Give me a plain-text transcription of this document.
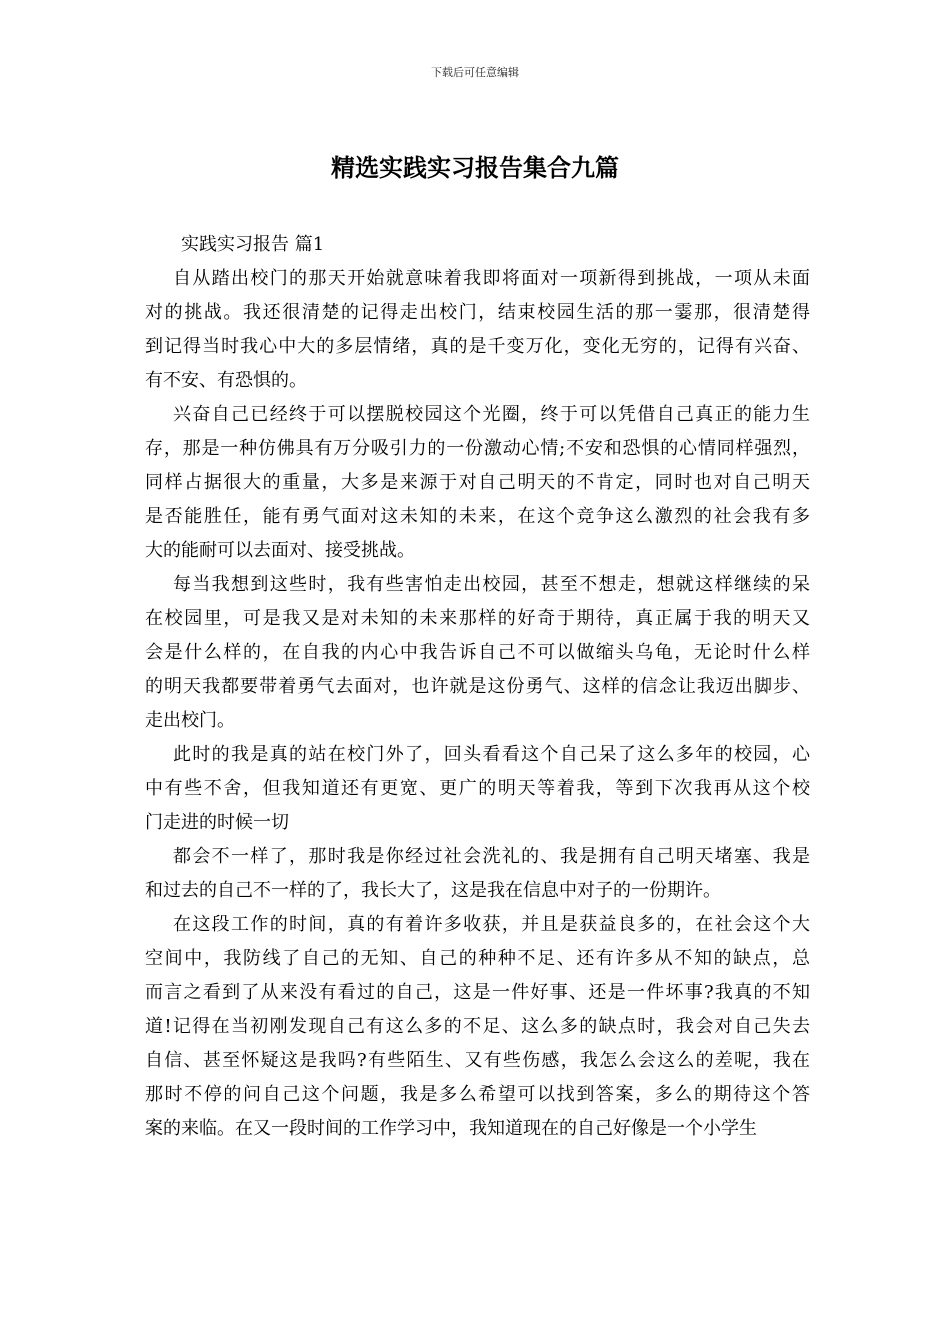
下载后可任意编辑
精选实践实习报告集合九篇

实践实习报告 篇1

自从踏出校门的那天开始就意味着我即将面对一项新得到挑战，一项从未面
对的挑战。我还很清楚的记得走出校门，结束校园生活的那一霎那，很清楚得
到记得当时我心中大的多层情绪，真的是千变万化，变化无穷的，记得有兴奋、
有不安、有恐惧的。

兴奋自己已经终于可以摆脱校园这个光圈，终于可以凭借自己真正的能力生
存，那是一种仿佛具有万分吸引力的一份激动心情;不安和恐惧的心情同样强烈，
同样占据很大的重量，大多是来源于对自己明天的不肯定，同时也对自己明天
是否能胜任，能有勇气面对这未知的未来，在这个竞争这么激烈的社会我有多
大的能耐可以去面对、接受挑战。

每当我想到这些时，我有些害怕走出校园，甚至不想走，想就这样继续的呆
在校园里，可是我又是对未知的未来那样的好奇于期待，真正属于我的明天又
会是什么样的，在自我的内心中我告诉自己不可以做缩头乌龟，无论时什么样
的明天我都要带着勇气去面对，也许就是这份勇气、这样的信念让我迈出脚步、
走出校门。

此时的我是真的站在校门外了，回头看看这个自己呆了这么多年的校园，心
中有些不舍，但我知道还有更宽、更广的明天等着我，等到下次我再从这个校
门走进的时候一切

都会不一样了，那时我是你经过社会洗礼的、我是拥有自己明天堵塞、我是
和过去的自己不一样的了，我长大了，这是我在信息中对子的一份期许。

在这段工作的时间，真的有着许多收获，并且是获益良多的，在社会这个大
空间中，我防线了自己的无知、自己的种种不足、还有许多从不知的缺点，总
而言之看到了从来没有看过的自己，这是一件好事、还是一件坏事?我真的不知
道!记得在当初刚发现自己有这么多的不足、这么多的缺点时，我会对自己失去
自信、甚至怀疑这是我吗?有些陌生、又有些伤感，我怎么会这么的差呢，我在
那时不停的问自己这个问题，我是多么希望可以找到答案，多么的期待这个答
案的来临。在又一段时间的工作学习中，我知道现在的自己好像是一个小学生
